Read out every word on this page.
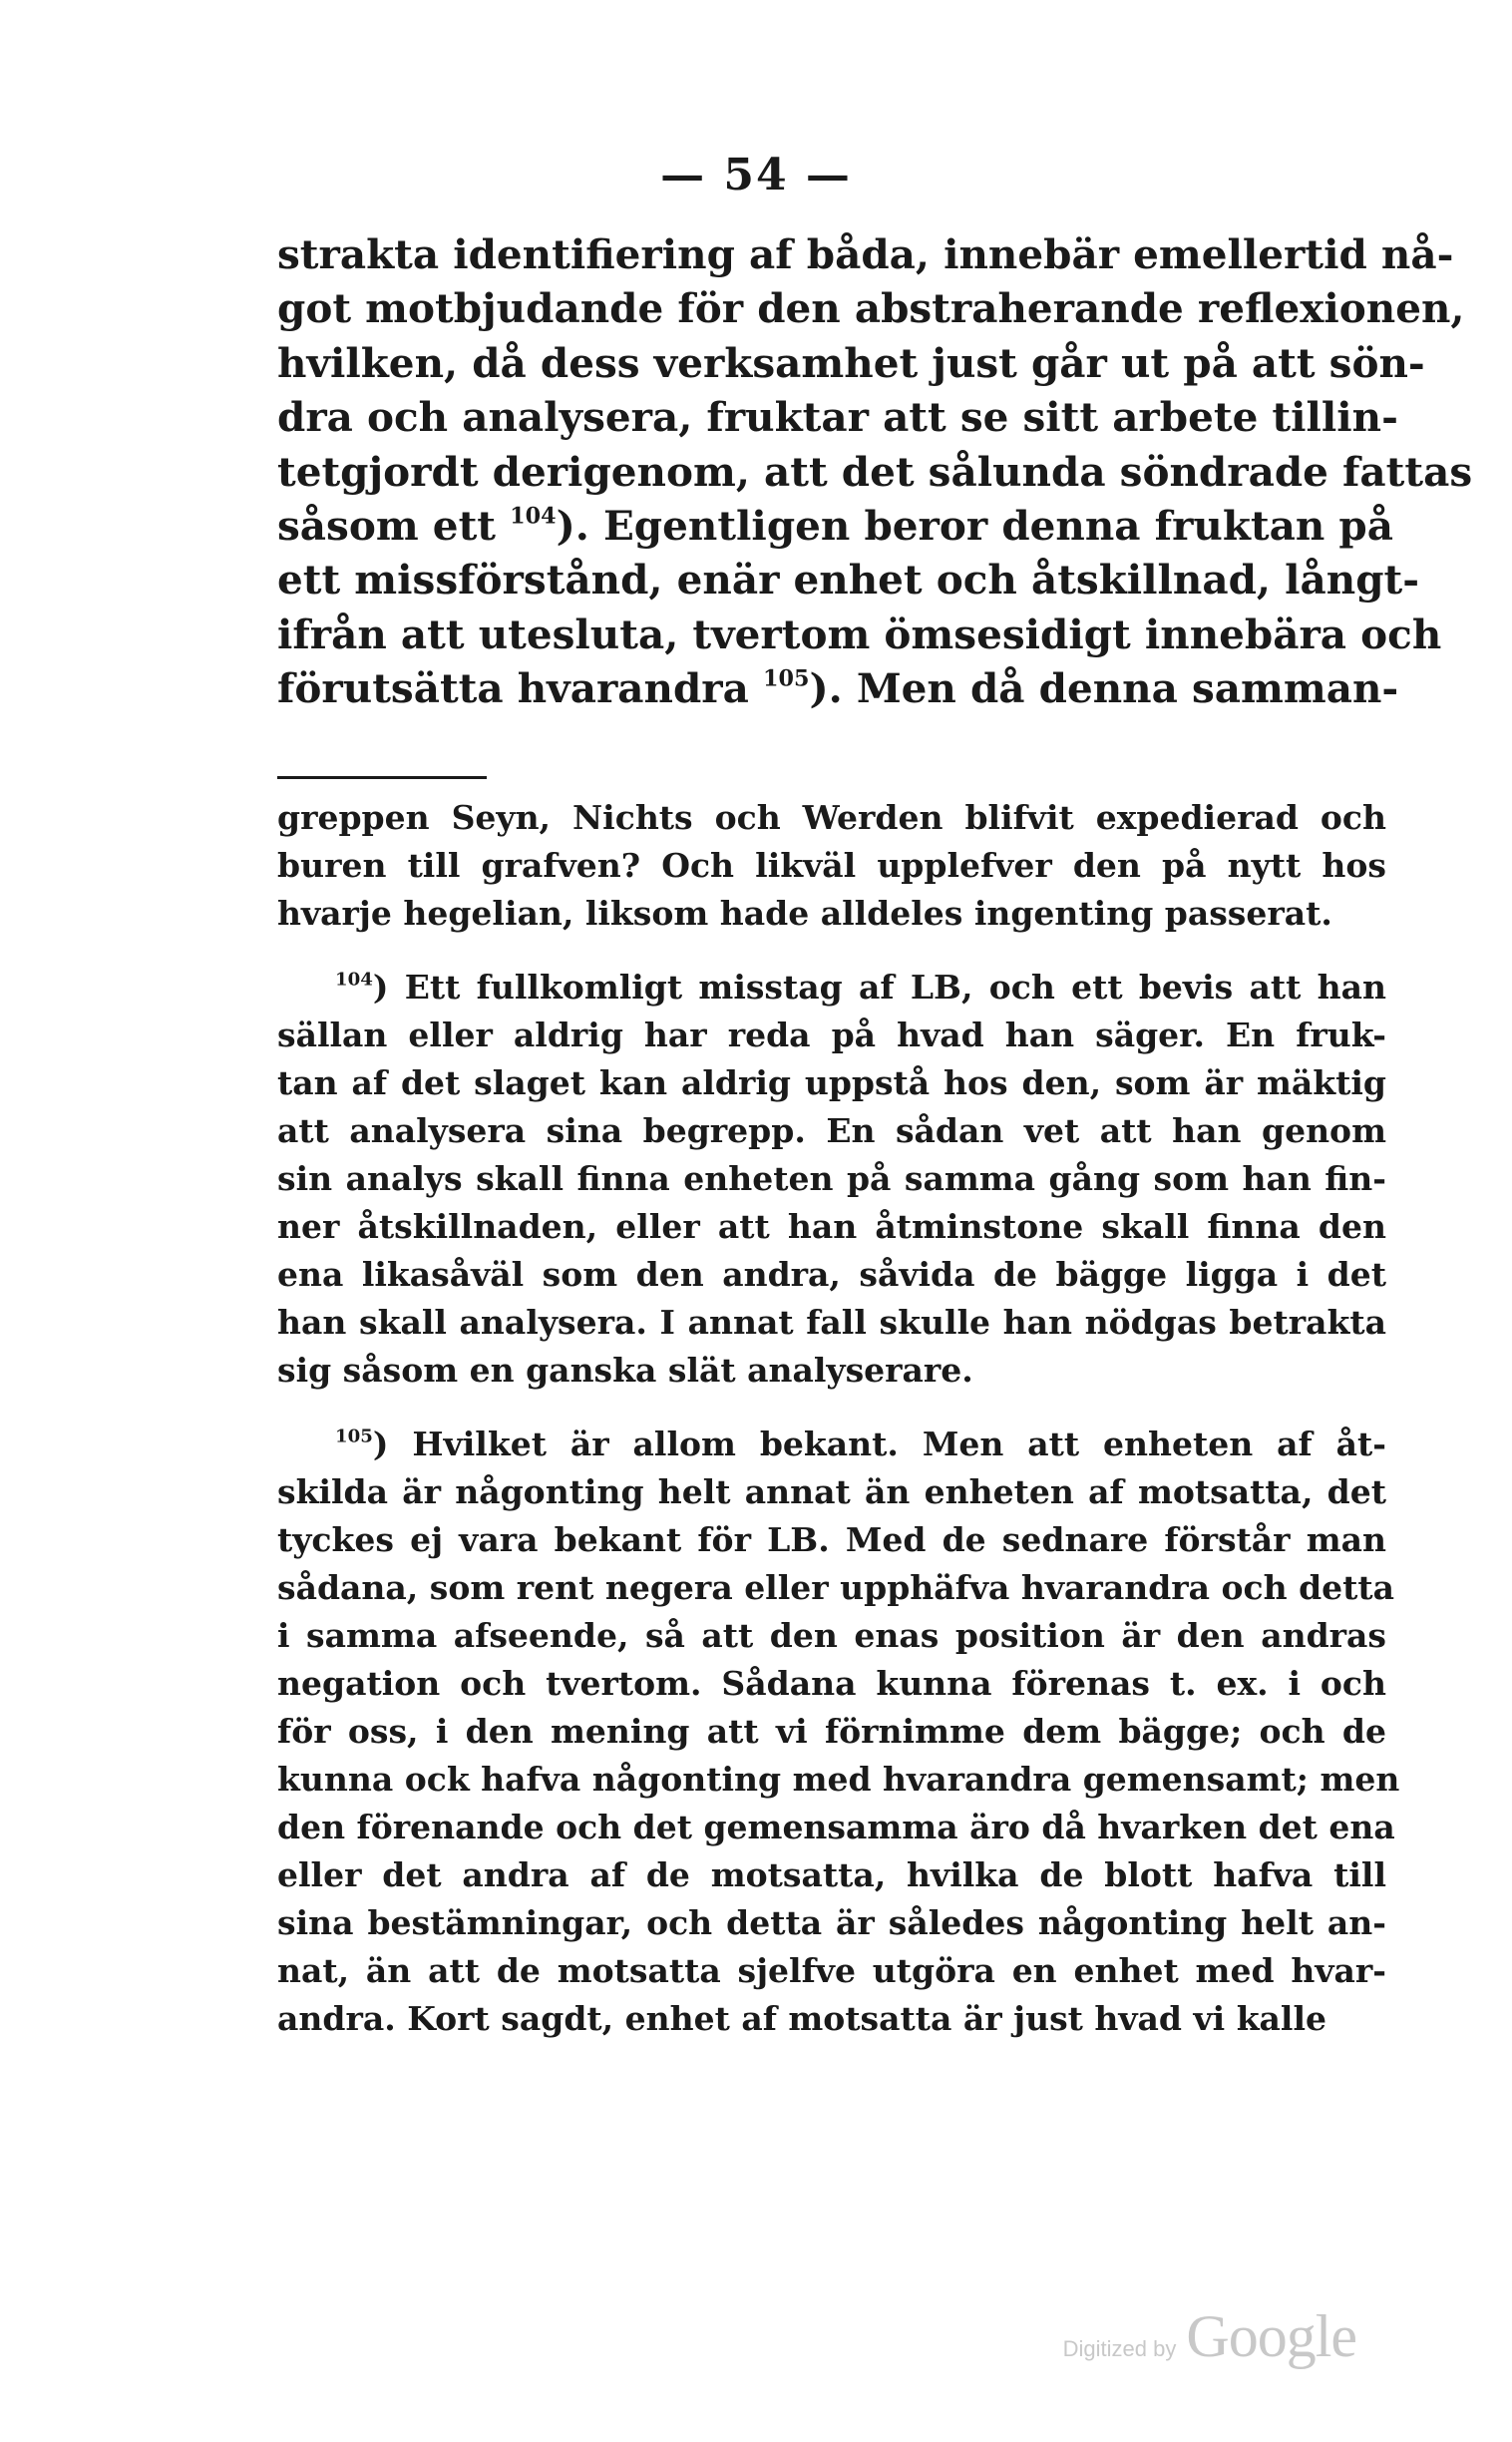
— 54 —
strakta identifiering af båda, innebär emellertid nå-
got motbjudande för den abstraherande reflexionen,
hvilken, då dess verksamhet just går ut på att sön-
dra och analysera, fruktar att se sitt arbete tillin-
tetgjordt derigenom, att det sålunda söndrade fattas
såsom ett $^{104}$). Egentligen beror denna fruktan på
ett missförstånd, enär enhet och åtskillnad, långt-
ifrån att utesluta, tvertom ömsesidigt innebära och
förutsätta hvarandra $^{105}$). Men då denna samman-
greppen Seyn, Nichts och Werden blifvit expedierad och
buren till grafven? Och likväl upplefver den på nytt hos
hvarje hegelian, liksom hade alldeles ingenting passerat.
$^{104}$) Ett fullkomligt misstag af LB, och ett bevis att han
sällan eller aldrig har reda på hvad han säger. En fruk-
tan af det slaget kan aldrig uppstå hos den, som är mäktig
att analysera sina begrepp. En sådan vet att han genom
sin analys skall finna enheten på samma gång som han fin-
ner åtskillnaden, eller att han åtminstone skall finna den
ena likasåväl som den andra, såvida de bägge ligga i det
han skall analysera. I annat fall skulle han nödgas betrakta
sig såsom en ganska slät analyserare.
$^{105}$) Hvilket är allom bekant. Men att enheten af åt-
skilda är någonting helt annat än enheten af motsatta, det
tyckes ej vara bekant för LB. Med de sednare förstår man
sådana, som rent negera eller upphäfva hvarandra och detta
i samma afseende, så att den enas position är den andras
negation och tvertom. Sådana kunna förenas t. ex. i och
för oss, i den mening att vi förnimme dem bägge; och de
kunna ock hafva någonting med hvarandra gemensamt; men
den förenande och det gemensamma äro då hvarken det ena
eller det andra af de motsatta, hvilka de blott hafva till
sina bestämningar, och detta är således någonting helt an-
nat, än att de motsatta sjelfve utgöra en enhet med hvar-
andra. Kort sagdt, enhet af motsatta är just hvad vi kalle
Digitized by Google
